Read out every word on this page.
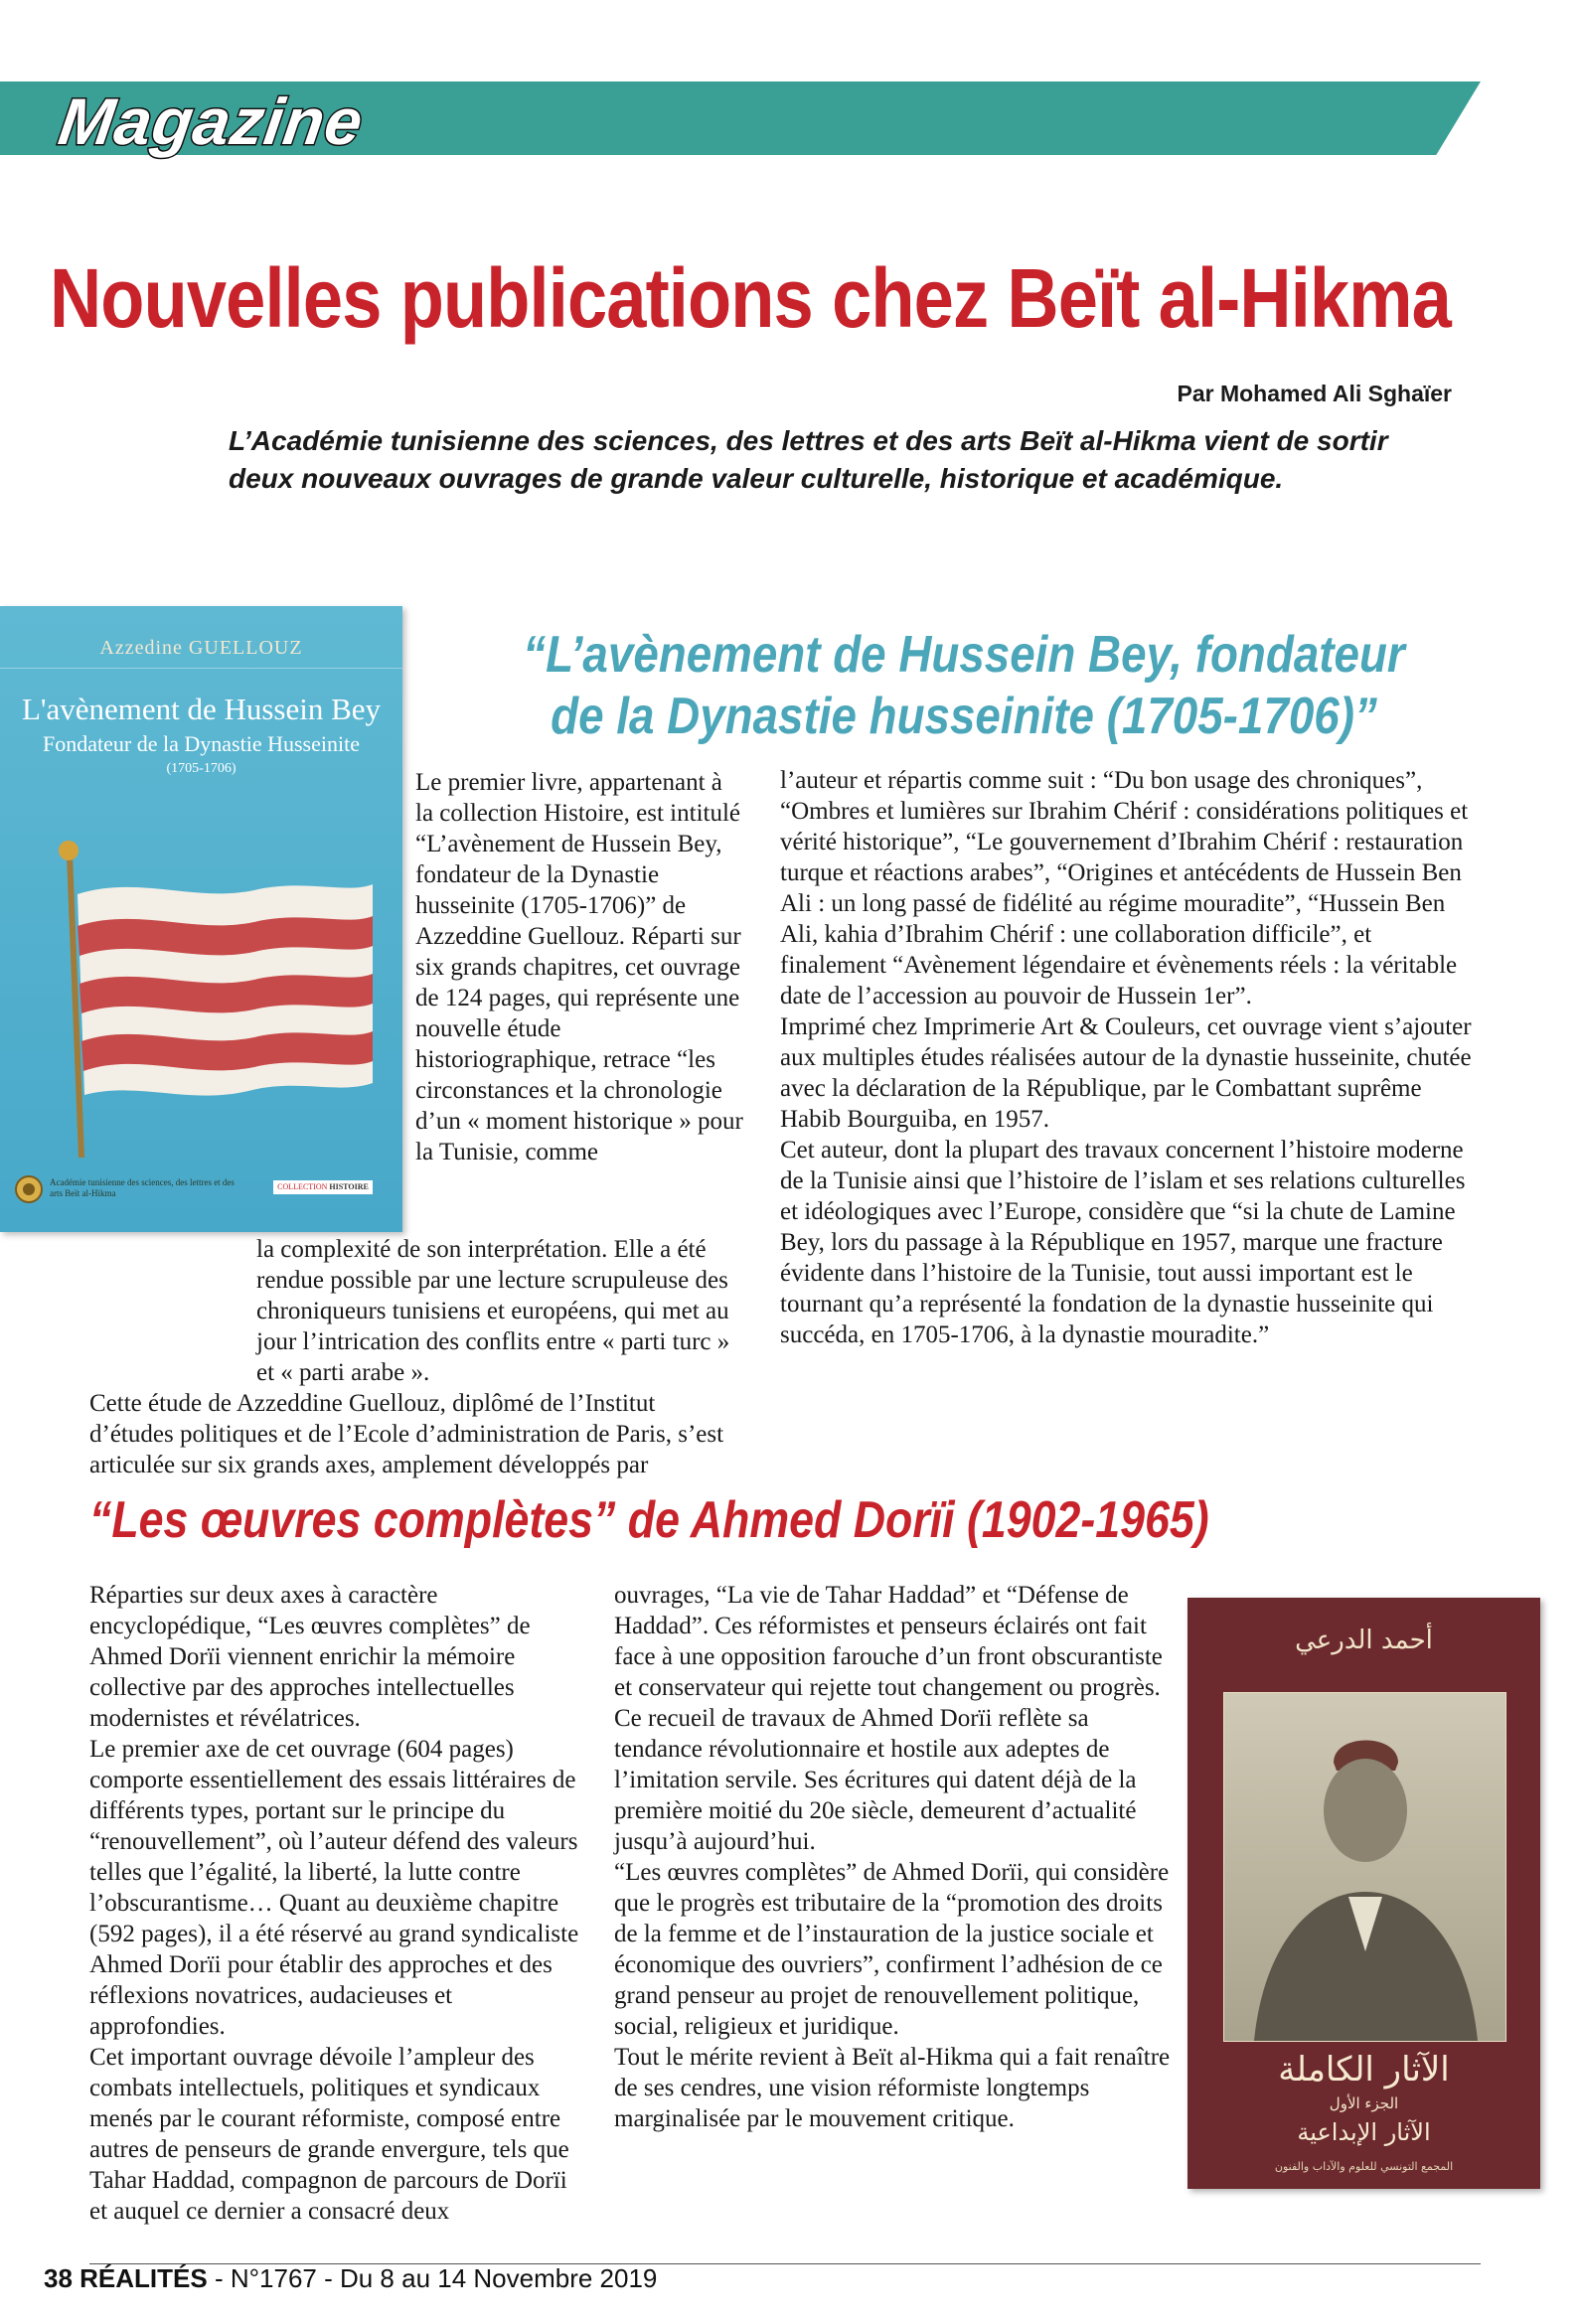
Magazine
Nouvelles publications chez Beït al-Hikma
Par Mohamed Ali Sghaïer
L’Académie tunisienne des sciences, des lettres et des arts Beït al-Hikma vient de sortir deux nouveaux ouvrages de grande valeur culturelle, historique et académique.
Azzedine GUELLOUZ
L'avènement de Hussein Bey
Fondateur de la Dynastie Husseinite
(1705-1706)
Académie tunisienne des sciences, des lettres et des arts Beït al-Hikma
COLLECTION HISTOIRE
“L’avènement de Hussein Bey, fondateur de la Dynastie husseinite (1705-1706)”

Le premier livre, appartenant à la collection Histoire, est intitulé “L’avènement de Hussein Bey, fondateur de la Dynastie husseinite (1705-1706)” de Azzeddine Guellouz. Réparti sur six grands chapitres, cet ouvrage de 124 pages, qui représente une nouvelle étude historiographique, retrace “les circonstances et la chronologie d’un « moment historique » pour la Tunisie, comme

la complexité de son interprétation. Elle a été rendue possible par une lecture scrupuleuse des chroniqueurs tunisiens et européens, qui met au jour l’intrication des conflits entre « parti turc » et « parti arabe ».

Cette étude de Azzeddine Guellouz, diplômé de l’Institut d’études politiques et de l’Ecole d’administration de Paris, s’est articulée sur six grands axes, amplement développés par

l’auteur et répartis comme suit : “Du bon usage des chroniques”, “Ombres et lumières sur Ibrahim Chérif : considérations politiques et vérité historique”, “Le gouvernement d’Ibrahim Chérif : restauration turque et réactions arabes”, “Origines et antécédents de Hussein Ben Ali : un long passé de fidélité au régime mouradite”, “Hussein Ben Ali, kahia d’Ibrahim Chérif : une collaboration difficile”, et finalement “Avènement légendaire et évènements réels : la véritable date de l’accession au pouvoir de Hussein 1er”.

Imprimé chez Imprimerie Art & Couleurs, cet ouvrage vient s’ajouter aux multiples études réalisées autour de la dynastie husseinite, chutée avec la déclaration de la République, par le Combattant suprême Habib Bourguiba, en 1957.

Cet auteur, dont la plupart des travaux concernent l’histoire moderne de la Tunisie ainsi que l’histoire de l’islam et ses relations culturelles et idéologiques avec l’Europe, considère que “si la chute de Lamine Bey, lors du passage à la République en 1957, marque une fracture évidente dans l’histoire de la Tunisie, tout aussi important est le tournant qu’a représenté la fondation de la dynastie husseinite qui succéda, en 1705-1706, à la dynastie mouradite.”

“Les œuvres complètes” de Ahmed Dorïi (1902-1965)

Réparties sur deux axes à caractère encyclopédique, “Les œuvres complètes” de Ahmed Dorïi viennent enrichir la mémoire collective par des approches intellectuelles modernistes et révélatrices.

Le premier axe de cet ouvrage (604 pages) comporte essentiellement des essais littéraires de différents types, portant sur le principe du “renouvellement”, où l’auteur défend des valeurs telles que l’égalité, la liberté, la lutte contre l’obscurantisme… Quant au deuxième chapitre (592 pages), il a été réservé au grand syndicaliste Ahmed Dorïi pour établir des approches et des réflexions novatrices, audacieuses et approfondies.

Cet important ouvrage dévoile l’ampleur des combats intellectuels, politiques et syndicaux menés par le courant réformiste, composé entre autres de penseurs de grande envergure, tels que Tahar Haddad, compagnon de parcours de Dorïi et auquel ce dernier a consacré deux

ouvrages, “La vie de Tahar Haddad” et “Défense de Haddad”. Ces réformistes et penseurs éclairés ont fait face à une opposition farouche d’un front obscurantiste et conservateur qui rejette tout changement ou progrès.

Ce recueil de travaux de Ahmed Dorïi reflète sa tendance révolutionnaire et hostile aux adeptes de l’imitation servile. Ses écritures qui datent déjà de la première moitié du 20e siècle, demeurent d’actualité jusqu’à aujourd’hui.

“Les œuvres complètes” de Ahmed Dorïi, qui considère que le progrès est tributaire de la “promotion des droits de la femme et de l’instauration de la justice sociale et économique des ouvriers”, confirment l’adhésion de ce grand penseur au projet de renouvellement politique, social, religieux et juridique.

Tout le mérite revient à Beït al-Hikma qui a fait renaître de ses cendres, une vision réformiste longtemps marginalisée par le mouvement critique.

أحمد الدرعي
الآثار الكاملة
الجزء الأول
الآثار الإبداعية
المجمع التونسي للعلوم والآداب والفنون
38 RÉALITÉS - N°1767 - Du 8 au 14 Novembre 2019
